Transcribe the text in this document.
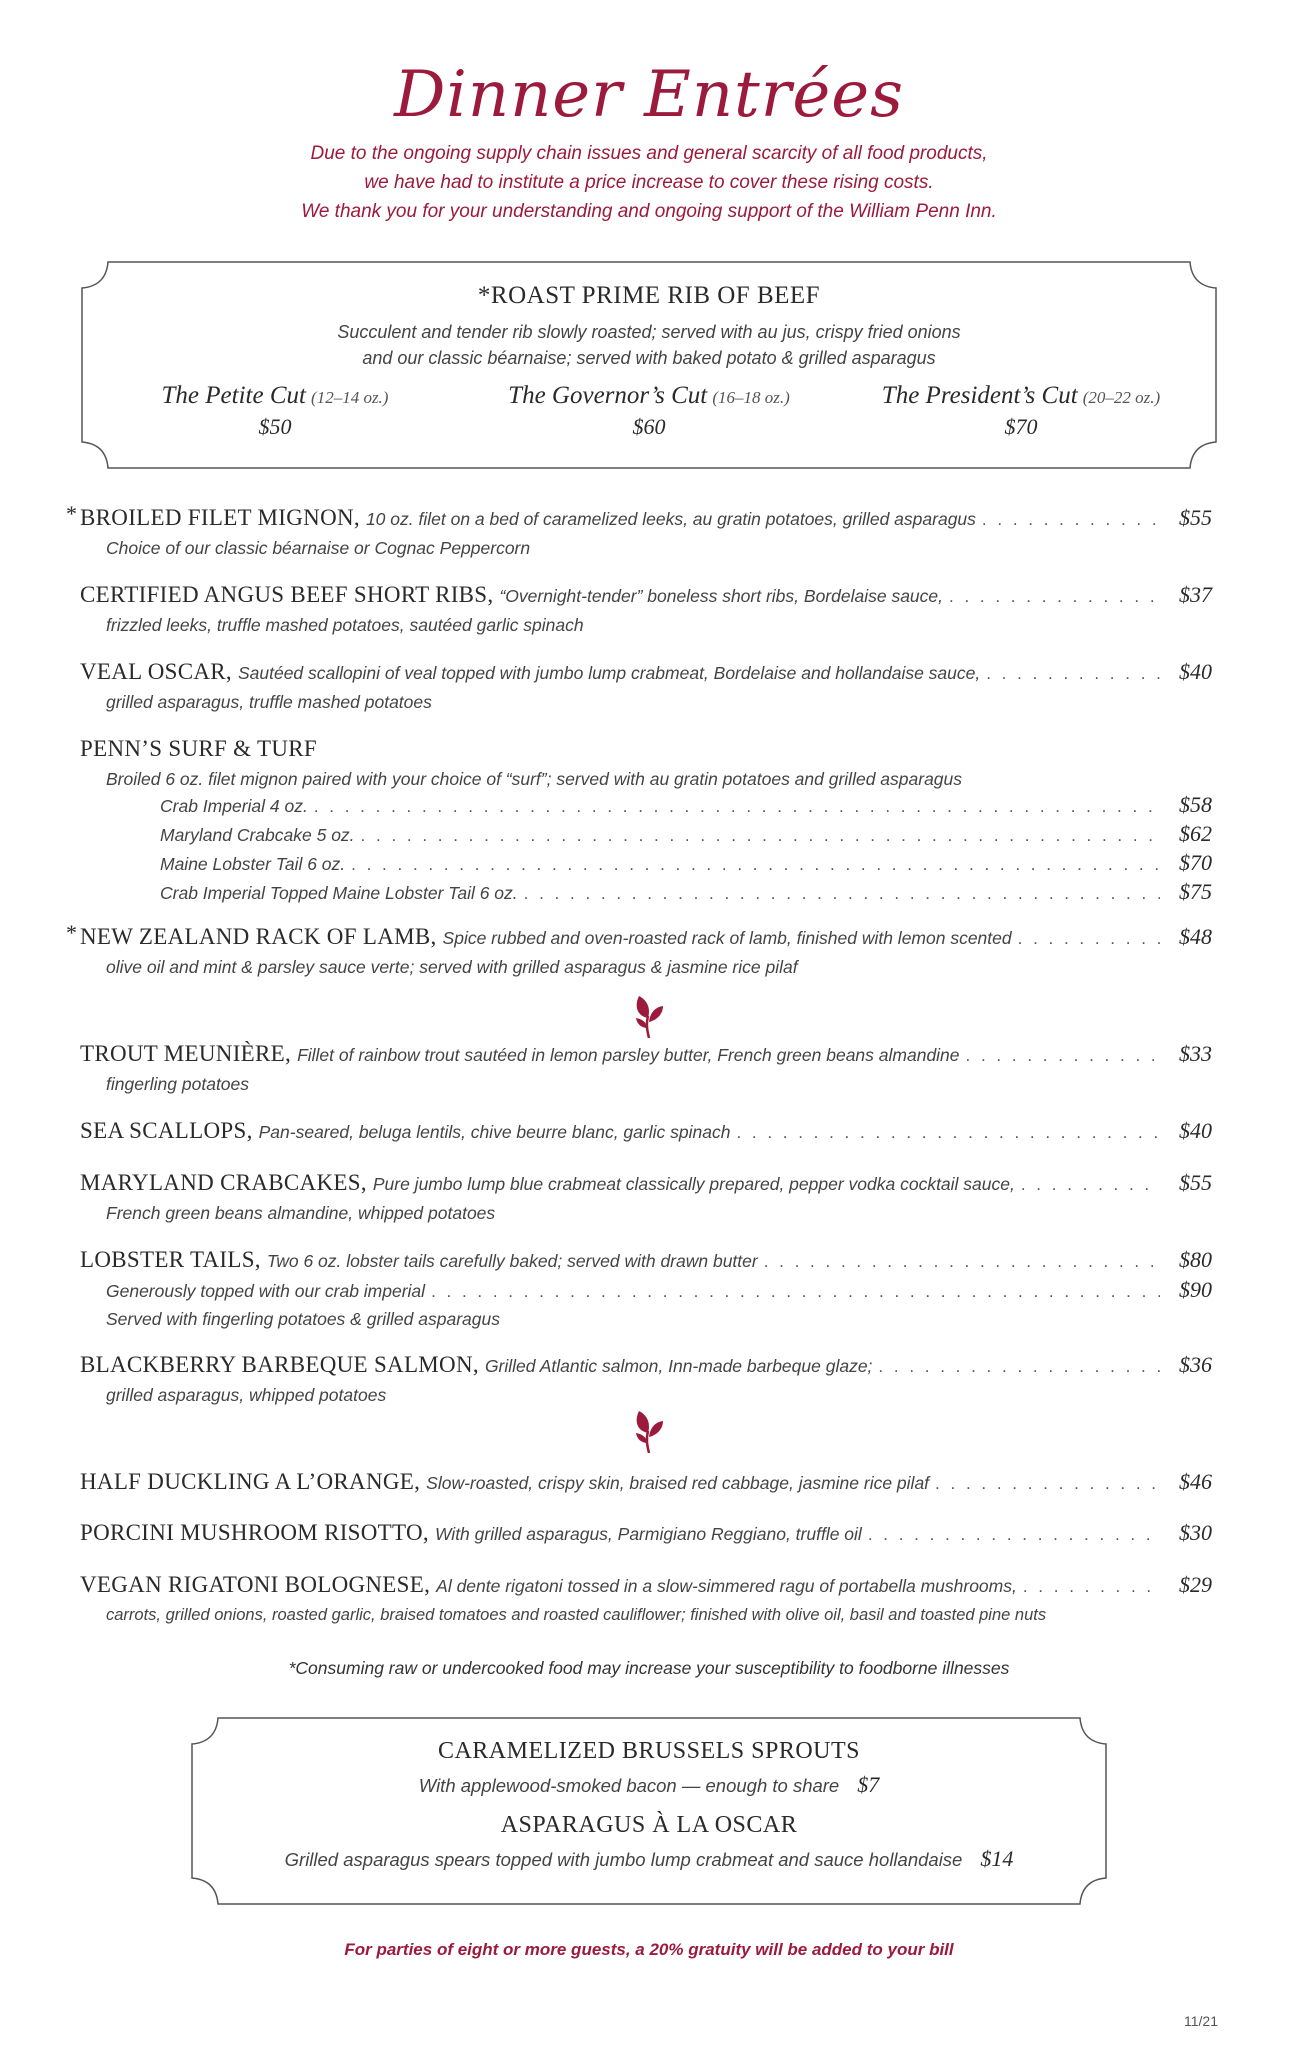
Dinner Entrées
Due to the ongoing supply chain issues and general scarcity of all food products,
we have had to institute a price increase to cover these rising costs.
We thank you for your understanding and ongoing support of the William Penn Inn.
*ROAST PRIME RIB OF BEEF
Succulent and tender rib slowly roasted; served with au jus, crispy fried onions
and our classic béarnaise; served with baked potato & grilled asparagus
The Petite Cut (12–14 oz.)
$50
The Governor’s Cut (16–18 oz.)
$60
The President’s Cut (20–22 oz.)
$70
* BROILED FILET MIGNON, 10 oz. filet on a bed of caramelized leeks, au gratin potatoes, grilled asparagus . . .	$55
Choice of our classic béarnaise or Cognac Peppercorn
CERTIFIED ANGUS BEEF SHORT RIBS, “Overnight-tender” boneless short ribs, Bordelaise sauce, . . .	$37
frizzled leeks, truffle mashed potatoes, sautéed garlic spinach
VEAL OSCAR, Sautéed scallopini of veal topped with jumbo lump crabmeat, Bordelaise and hollandaise sauce, . . .	$40
grilled asparagus, truffle mashed potatoes
PENN’S SURF & TURF
Broiled 6 oz. filet mignon paired with your choice of “surf”; served with au gratin potatoes and grilled asparagus
Crab Imperial 4 oz. . . .	$58
Maryland Crabcake 5 oz. . . .	$62
Maine Lobster Tail 6 oz. . . .	$70
Crab Imperial Topped Maine Lobster Tail 6 oz. . . .	$75
* NEW ZEALAND RACK OF LAMB, Spice rubbed and oven-roasted rack of lamb, finished with lemon scented . . .	$48
olive oil and mint & parsley sauce verte; served with grilled asparagus & jasmine rice pilaf
TROUT MEUNIÈRE, Fillet of rainbow trout sautéed in lemon parsley butter, French green beans almandine . . .	$33
fingerling potatoes
SEA SCALLOPS, Pan-seared, beluga lentils, chive beurre blanc, garlic spinach . . .	$40
MARYLAND CRABCAKES, Pure jumbo lump blue crabmeat classically prepared, pepper vodka cocktail sauce, . . .	$55
French green beans almandine, whipped potatoes
LOBSTER TAILS, Two 6 oz. lobster tails carefully baked; served with drawn butter . . .	$80
Generously topped with our crab imperial . . .	$90
Served with fingerling potatoes & grilled asparagus
BLACKBERRY BARBEQUE SALMON, Grilled Atlantic salmon, Inn-made barbeque glaze; . . .	$36
grilled asparagus, whipped potatoes
HALF DUCKLING A L’ORANGE, Slow-roasted, crispy skin, braised red cabbage, jasmine rice pilaf . . .	$46
PORCINI MUSHROOM RISOTTO, With grilled asparagus, Parmigiano Reggiano, truffle oil . . .	$30
VEGAN RIGATONI BOLOGNESE, Al dente rigatoni tossed in a slow-simmered ragu of portabella mushrooms, . . .	$29
carrots, grilled onions, roasted garlic, braised tomatoes and roasted cauliflower; finished with olive oil, basil and toasted pine nuts
*Consuming raw or undercooked food may increase your susceptibility to foodborne illnesses
CARAMELIZED BRUSSELS SPROUTS
With applewood-smoked bacon — enough to share $7
ASPARAGUS À LA OSCAR
Grilled asparagus spears topped with jumbo lump crabmeat and sauce hollandaise $14
For parties of eight or more guests, a 20% gratuity will be added to your bill
11/21
